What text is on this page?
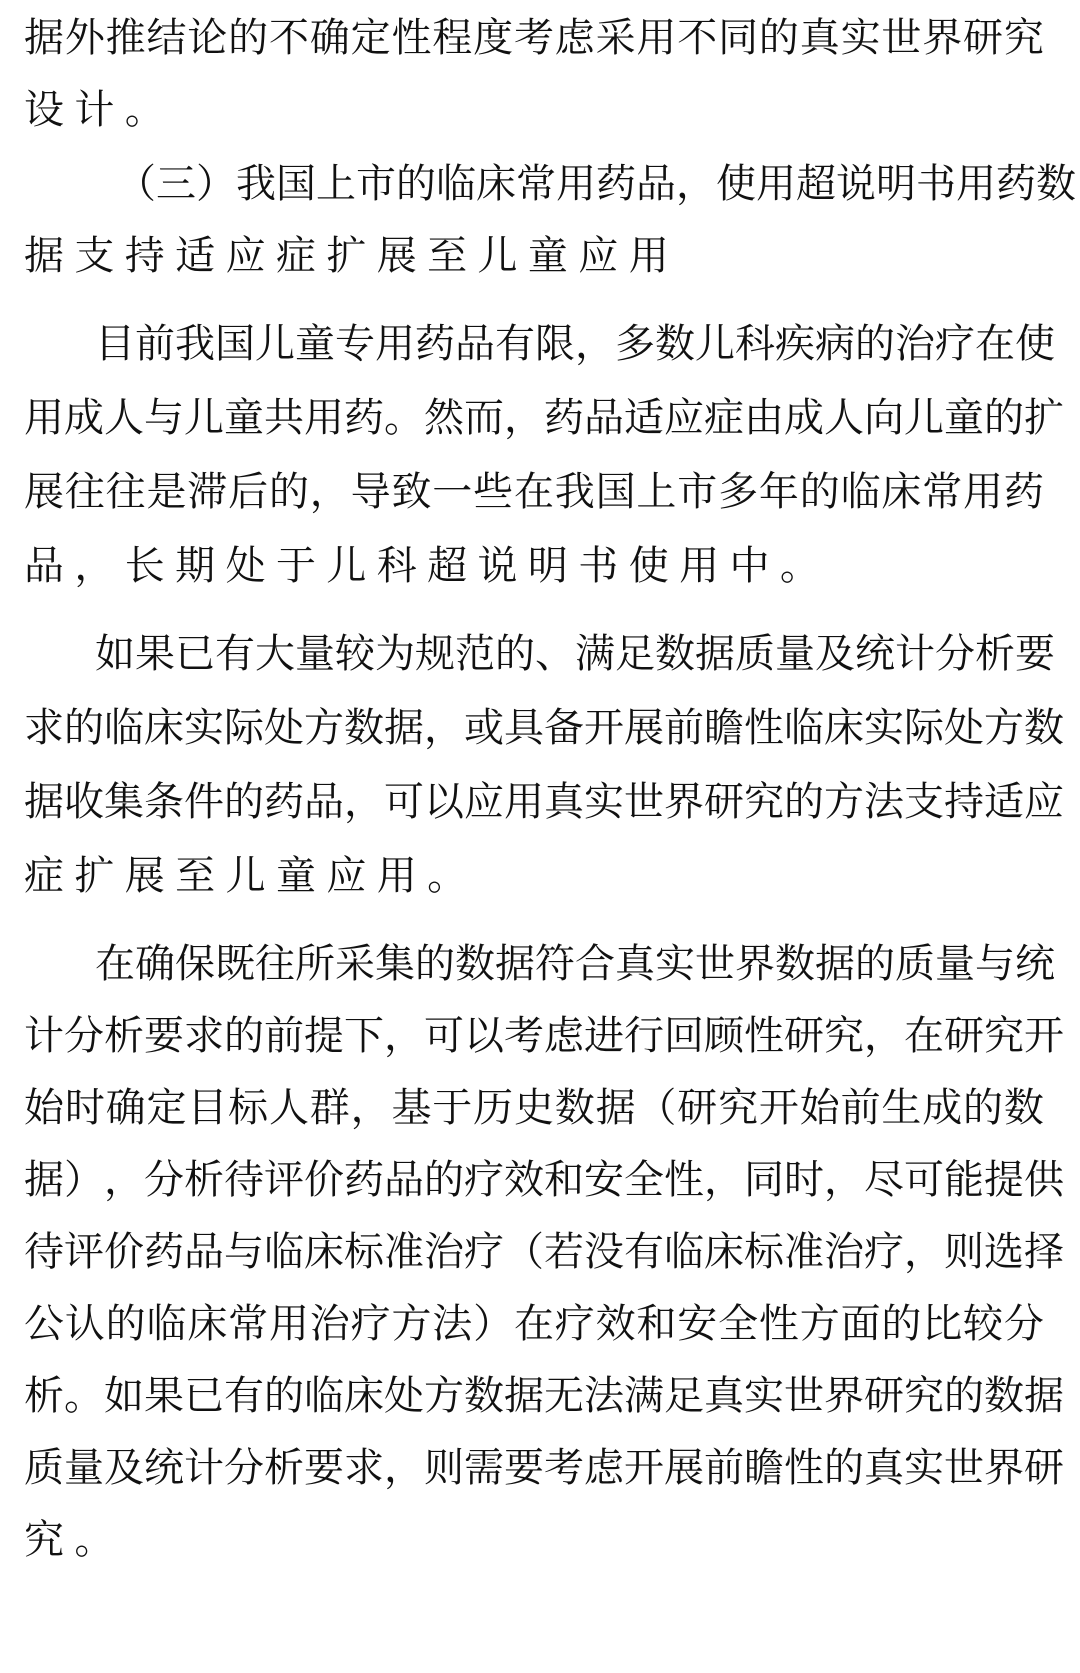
据 外 推 结 论 的 不 确 定 性 程 度 考 虑 采 用 不 同 的 真 实 世 界 研 究
设 计 。
（ 三 ） 我 国 上 市 的 临 床 常 用 药 品 ， 使 用 超 说 明 书 用 药 数
据 支 持 适 应 症 扩 展 至 儿 童 应 用
目 前 我 国 儿 童 专 用 药 品 有 限 ， 多 数 儿 科 疾 病 的 治 疗 在 使
用 成 人 与 儿 童 共 用 药 。 然 而 ， 药 品 适 应 症 由 成 人 向 儿 童 的 扩
展 往 往 是 滞 后 的 ， 导 致 一 些 在 我 国 上 市 多 年 的 临 床 常 用 药
品 ， 长 期 处 于 儿 科 超 说 明 书 使 用 中 。
如 果 已 有 大 量 较 为 规 范 的 、 满 足 数 据 质 量 及 统 计 分 析 要
求 的 临 床 实 际 处 方 数 据 ， 或 具 备 开 展 前 瞻 性 临 床 实 际 处 方 数
据 收 集 条 件 的 药 品 ， 可 以 应 用 真 实 世 界 研 究 的 方 法 支 持 适 应
症 扩 展 至 儿 童 应 用 。
在 确 保 既 往 所 采 集 的 数 据 符 合 真 实 世 界 数 据 的 质 量 与 统
计 分 析 要 求 的 前 提 下 ， 可 以 考 虑 进 行 回 顾 性 研 究 ， 在 研 究 开
始 时 确 定 目 标 人 群 ， 基 于 历 史 数 据 （ 研 究 开 始 前 生 成 的 数
据 ） ， 分 析 待 评 价 药 品 的 疗 效 和 安 全 性 ， 同 时 ， 尽 可 能 提 供
待 评 价 药 品 与 临 床 标 准 治 疗 （ 若 没 有 临 床 标 准 治 疗 ， 则 选 择
公 认 的 临 床 常 用 治 疗 方 法 ） 在 疗 效 和 安 全 性 方 面 的 比 较 分
析 。 如 果 已 有 的 临 床 处 方 数 据 无 法 满 足 真 实 世 界 研 究 的 数 据
质 量 及 统 计 分 析 要 求 ， 则 需 要 考 虑 开 展 前 瞻 性 的 真 实 世 界 研
究 。
